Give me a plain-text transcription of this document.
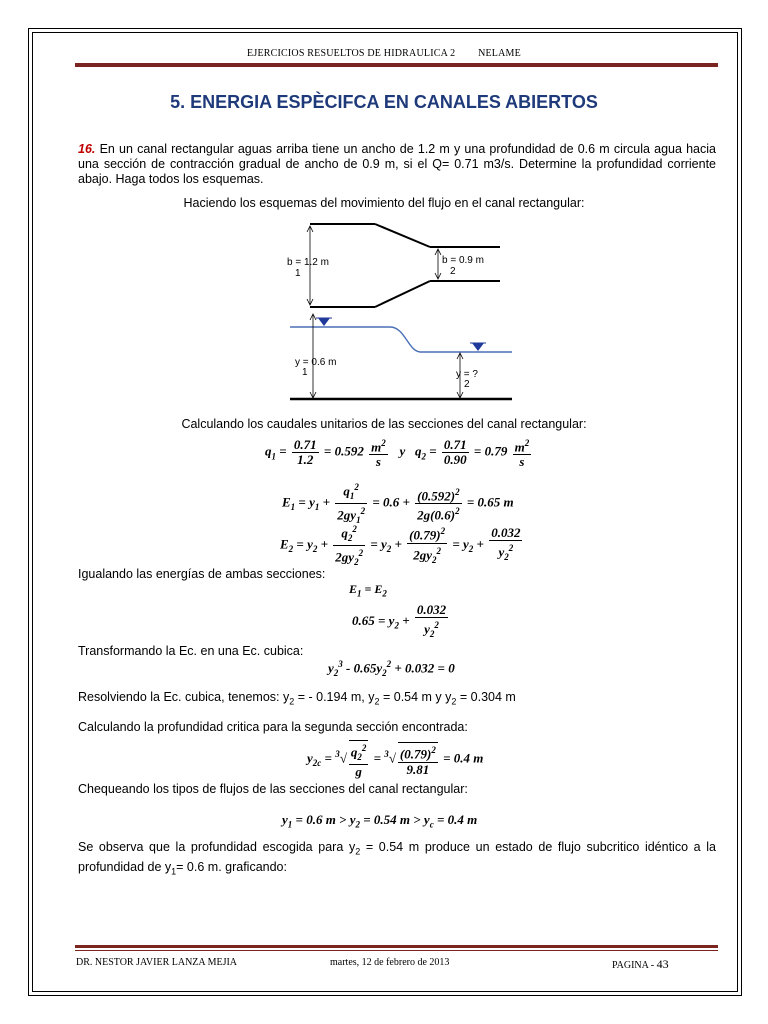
EJERCICIOS RESUELTOS DE HIDRAULICA 2 NELAME
5. ENERGIA ESPÈCIFCA EN CANALES ABIERTOS
16. En un canal rectangular aguas arriba tiene un ancho de 1.2 m y una profundidad de 0.6 m circula agua hacia una sección de contracción gradual de ancho de 0.9 m, si el Q= 0.71 m3/s. Determine la profundidad corriente abajo. Haga todos los esquemas.
Haciendo los esquemas del movimiento del flujo en el canal rectangular:
b = 1.2 m
1
b = 0.9 m
2
y = 0.6 m
1	y = ?
2
Calculando los caudales unitarios de las secciones del canal rectangular:
$q_1 = \frac{0.71}{1.2} = 0.592 \frac{m^2}{s}$ y   $q_2 = \frac{0.71}{0.90} = 0.79 \frac{m^2}{s}$
$E_1 = y_1 + \frac{q_1^2}{2gy_1^2} = 0.6 + \frac{(0.592)^2}{2g(0.6)^2} = 0.65$ m
$E_2 = y_2 + \frac{q_2^2}{2gy_2^2} = y_2 + \frac{(0.79)^2}{2gy_2^2} = y_2 + \frac{0.032}{y_2^2}$
Igualando las energías de ambas secciones:
$E_1 = E_2$
$0.65 = y_2 + \frac{0.032}{y_2^2}$
Transformando la Ec. en una Ec. cubica:
$y_2^3 - 0.65y_2^2 + 0.032 = 0$
Resolviendo la Ec. cubica, tenemos: $y_2$ = - 0.194 m, $y_2 = 0.54$ m y $y_2 = 0.304$ m
Calculando la profundidad critica para la segunda sección encontrada:
$y_{2c} = ^3√ \frac{q_2^2}{g} = ^3√ \frac{(0.79)^2}{9.81} = 0.4$ m
Chequeando los tipos de flujos de las secciones del canal rectangular:
$y_1 = 0.6$ $m > y_2 = 0.54$ $m > y_c = 0.4$ m
Se observa que la profundidad escogida para $y_2 = 0.54$ m produce un estado de flujo subcritico idéntico a la profundidad de $y_1= 0.6$ m. graficando:
DR. NESTOR JAVIER LANZA MEJIA	martes, 12 de febrero de 2013	PAGINA - 43
